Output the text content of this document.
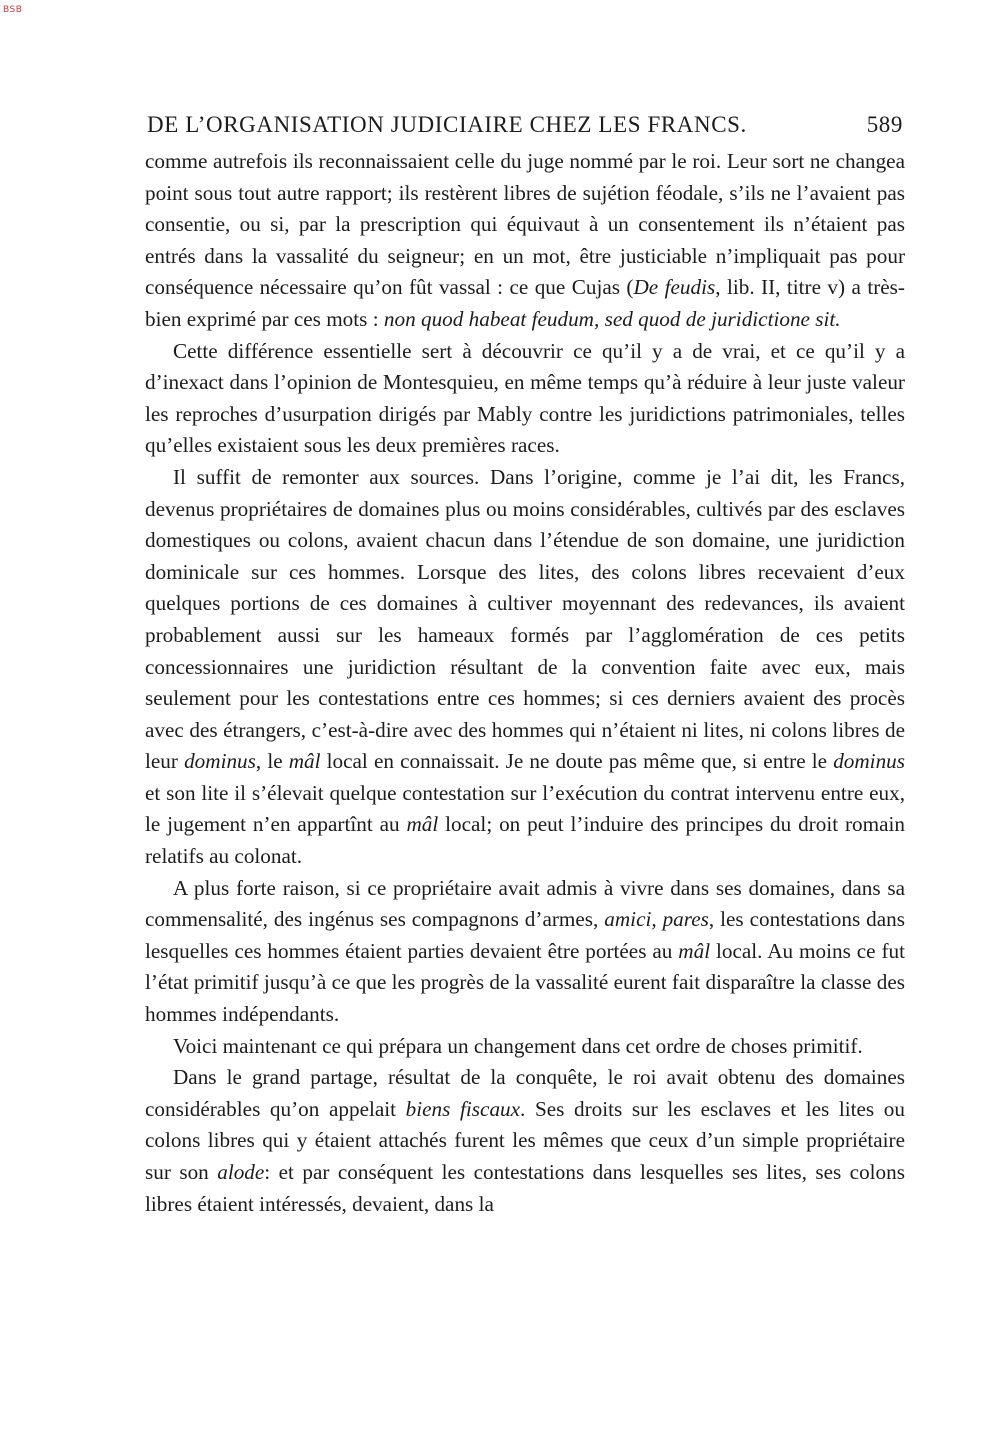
BSB
DE L’ORGANISATION JUDICIAIRE CHEZ LES FRANCS.	589

comme autrefois ils reconnaissaient celle du juge nommé par le roi. Leur sort ne changea point sous tout autre rapport; ils restèrent libres de sujétion féodale, s’ils ne l’avaient pas consentie, ou si, par la prescription qui équivaut à un consentement ils n’étaient pas entrés dans la vassalité du seigneur; en un mot, être justiciable n’impliquait pas pour conséquence nécessaire qu’on fût vassal : ce que Cujas (De feudis, lib. II, titre v) a très-bien exprimé par ces mots : non quod habeat feudum, sed quod de juridictione sit.

Cette différence essentielle sert à découvrir ce qu’il y a de vrai, et ce qu’il y a d’inexact dans l’opinion de Montesquieu, en même temps qu’à réduire à leur juste valeur les reproches d’usurpation dirigés par Mably contre les juridictions patrimoniales, telles qu’elles existaient sous les deux premières races.

Il suffit de remonter aux sources. Dans l’origine, comme je l’ai dit, les Francs, devenus propriétaires de domaines plus ou moins considérables, cultivés par des esclaves domestiques ou colons, avaient chacun dans l’étendue de son domaine, une juridiction dominicale sur ces hommes. Lorsque des lites, des colons libres recevaient d’eux quelques portions de ces domaines à cultiver moyennant des redevances, ils avaient probablement aussi sur les hameaux formés par l’agglomération de ces petits concessionnaires une juridiction résultant de la convention faite avec eux, mais seulement pour les contestations entre ces hommes; si ces derniers avaient des procès avec des étrangers, c’est-à-dire avec des hommes qui n’étaient ni lites, ni colons libres de leur dominus, le mâl local en connaissait. Je ne doute pas même que, si entre le dominus et son lite il s’élevait quelque contestation sur l’exécution du contrat intervenu entre eux, le jugement n’en appartînt au mâl local; on peut l’induire des principes du droit romain relatifs au colonat.

A plus forte raison, si ce propriétaire avait admis à vivre dans ses domaines, dans sa commensalité, des ingénus ses compagnons d’armes, amici, pares, les contestations dans lesquelles ces hommes étaient parties devaient être portées au mâl local. Au moins ce fut l’état primitif jusqu’à ce que les progrès de la vassalité eurent fait disparaître la classe des hommes indépendants.

Voici maintenant ce qui prépara un changement dans cet ordre de choses primitif.

Dans le grand partage, résultat de la conquête, le roi avait obtenu des domaines considérables qu’on appelait biens fiscaux. Ses droits sur les esclaves et les lites ou colons libres qui y étaient attachés furent les mêmes que ceux d’un simple propriétaire sur son alode: et par conséquent les contestations dans lesquelles ses lites, ses colons libres étaient intéressés, devaient, dans la
